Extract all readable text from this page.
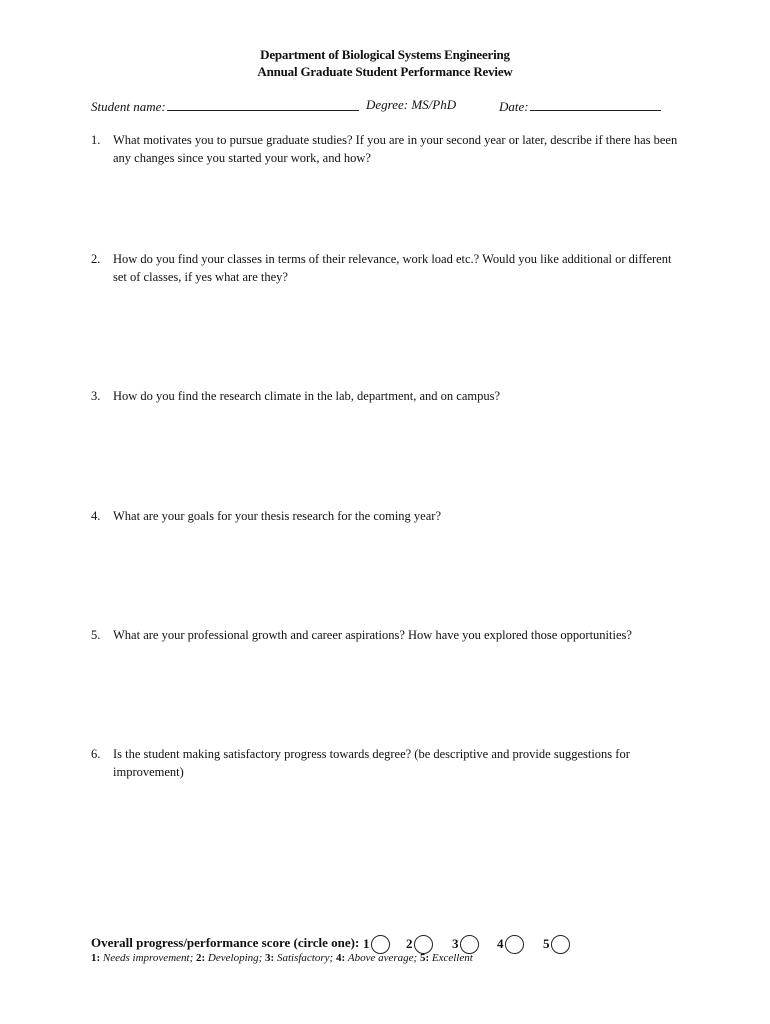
Department of Biological Systems Engineering
Annual Graduate Student Performance Review
Student name:	Degree: MS/PhD	Date:
1. What motivates you to pursue graduate studies? If you are in your second year or later, describe if there has been any changes since you started your work, and how?
2. How do you find your classes in terms of their relevance, work load etc.? Would you like additional or different set of classes, if yes what are they?
3. How do you find the research climate in the lab, department, and on campus?
4. What are your goals for your thesis research for the coming year?
5. What are your professional growth and career aspirations? How have you explored those opportunities?
6. Is the student making satisfactory progress towards degree? (be descriptive and provide suggestions for improvement)
Overall progress/performance score (circle one): 1	2	3	4	5
1: Needs improvement; 2: Developing; 3: Satisfactory; 4: Above average; 5: Excellent
